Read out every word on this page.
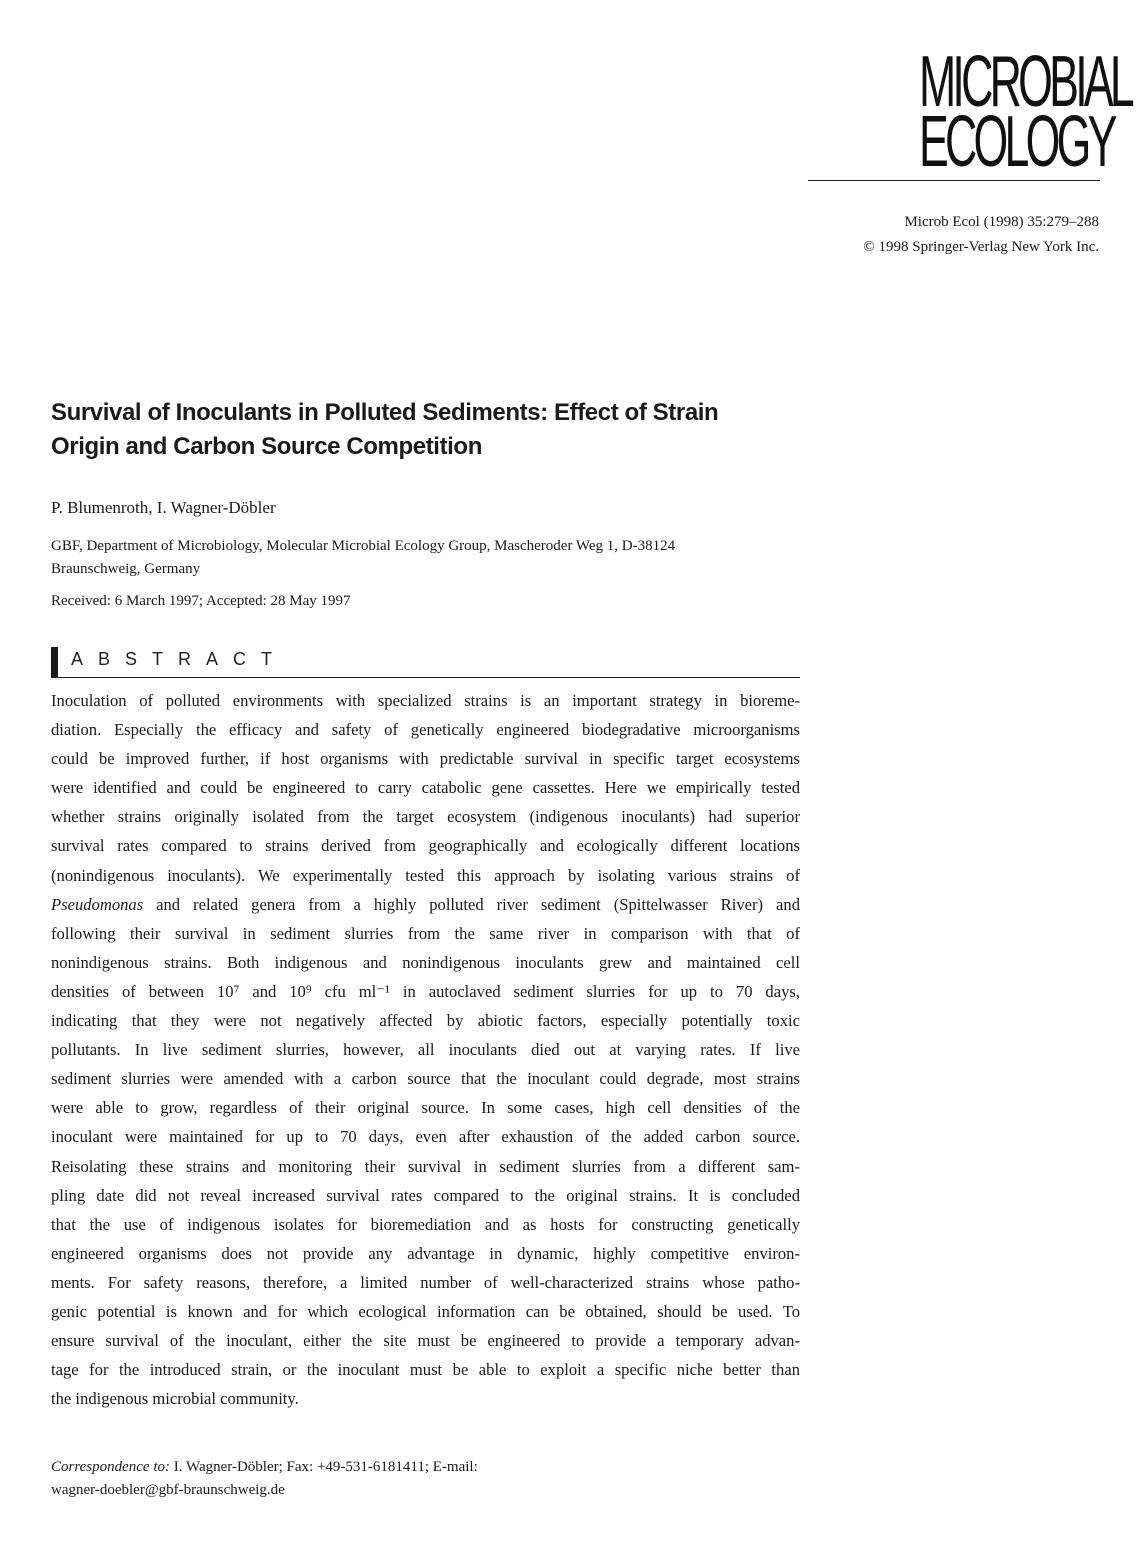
MICROBIAL
ECOLOGY
Microb Ecol (1998) 35:279–288
© 1998 Springer-Verlag New York Inc.
Survival of Inoculants in Polluted Sediments: Effect of Strain
Origin and Carbon Source Competition
P. Blumenroth, I. Wagner-Döbler
GBF, Department of Microbiology, Molecular Microbial Ecology Group, Mascheroder Weg 1, D-38124
Braunschweig, Germany
Received: 6 March 1997; Accepted: 28 May 1997
ABSTRACT
Inoculation of polluted environments with specialized strains is an important strategy in bioreme-
diation. Especially the efficacy and safety of genetically engineered biodegradative microorganisms
could be improved further, if host organisms with predictable survival in specific target ecosystems
were identified and could be engineered to carry catabolic gene cassettes. Here we empirically tested
whether strains originally isolated from the target ecosystem (indigenous inoculants) had superior
survival rates compared to strains derived from geographically and ecologically different locations
(nonindigenous inoculants). We experimentally tested this approach by isolating various strains of
Pseudomonas and related genera from a highly polluted river sediment (Spittelwasser River) and
following their survival in sediment slurries from the same river in comparison with that of
nonindigenous strains. Both indigenous and nonindigenous inoculants grew and maintained cell
densities of between 10⁷ and 10⁹ cfu ml⁻¹ in autoclaved sediment slurries for up to 70 days,
indicating that they were not negatively affected by abiotic factors, especially potentially toxic
pollutants. In live sediment slurries, however, all inoculants died out at varying rates. If live
sediment slurries were amended with a carbon source that the inoculant could degrade, most strains
were able to grow, regardless of their original source. In some cases, high cell densities of the
inoculant were maintained for up to 70 days, even after exhaustion of the added carbon source.
Reisolating these strains and monitoring their survival in sediment slurries from a different sam-
pling date did not reveal increased survival rates compared to the original strains. It is concluded
that the use of indigenous isolates for bioremediation and as hosts for constructing genetically
engineered organisms does not provide any advantage in dynamic, highly competitive environ-
ments. For safety reasons, therefore, a limited number of well-characterized strains whose patho-
genic potential is known and for which ecological information can be obtained, should be used. To
ensure survival of the inoculant, either the site must be engineered to provide a temporary advan-
tage for the introduced strain, or the inoculant must be able to exploit a specific niche better than
the indigenous microbial community.
Correspondence to: I. Wagner-Döbler; Fax: +49-531-6181411; E-mail:
wagner-doebler@gbf-braunschweig.de
